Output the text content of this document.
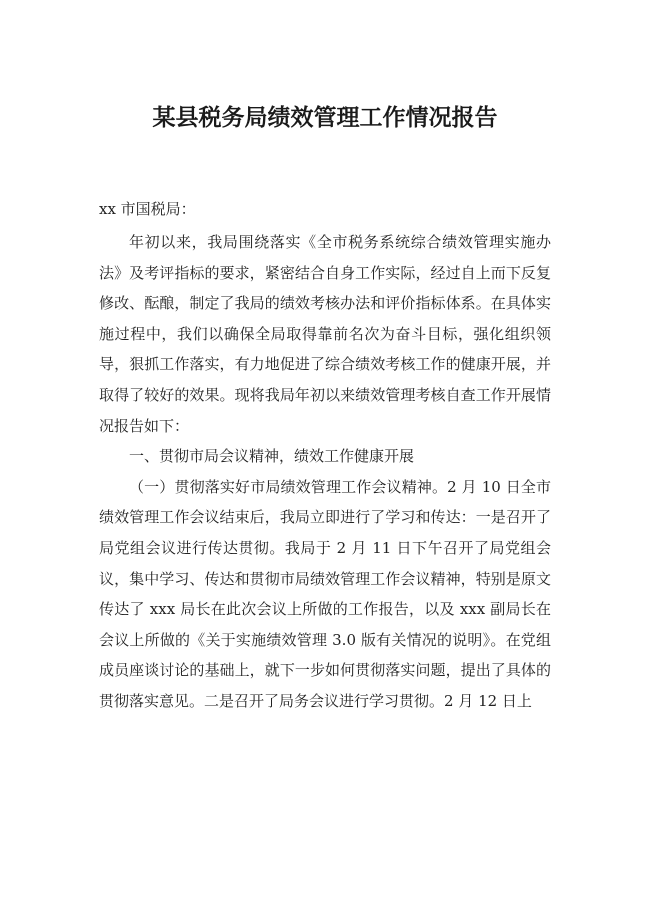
某县税务局绩效管理工作情况报告

xx 市国税局：

年初以来，我局围绕落实《全市税务系统综合绩效管理实施办法》及考评指标的要求，紧密结合自身工作实际，经过自上而下反复修改、酝酿，制定了我局的绩效考核办法和评价指标体系。在具体实施过程中，我们以确保全局取得靠前名次为奋斗目标，强化组织领导，狠抓工作落实，有力地促进了综合绩效考核工作的健康开展，并取得了较好的效果。现将我局年初以来绩效管理考核自查工作开展情况报告如下：

一、贯彻市局会议精神，绩效工作健康开展

（一）贯彻落实好市局绩效管理工作会议精神。2 月 10 日全市绩效管理工作会议结束后，我局立即进行了学习和传达：一是召开了局党组会议进行传达贯彻。我局于 2 月 11 日下午召开了局党组会议，集中学习、传达和贯彻市局绩效管理工作会议精神，特别是原文传达了 xxx 局长在此次会议上所做的工作报告，以及 xxx 副局长在会议上所做的《关于实施绩效管理 3.0 版有关情况的说明》。在党组成员座谈讨论的基础上，就下一步如何贯彻落实问题，提出了具体的贯彻落实意见。二是召开了局务会议进行学习贯彻。2 月 12 日上
